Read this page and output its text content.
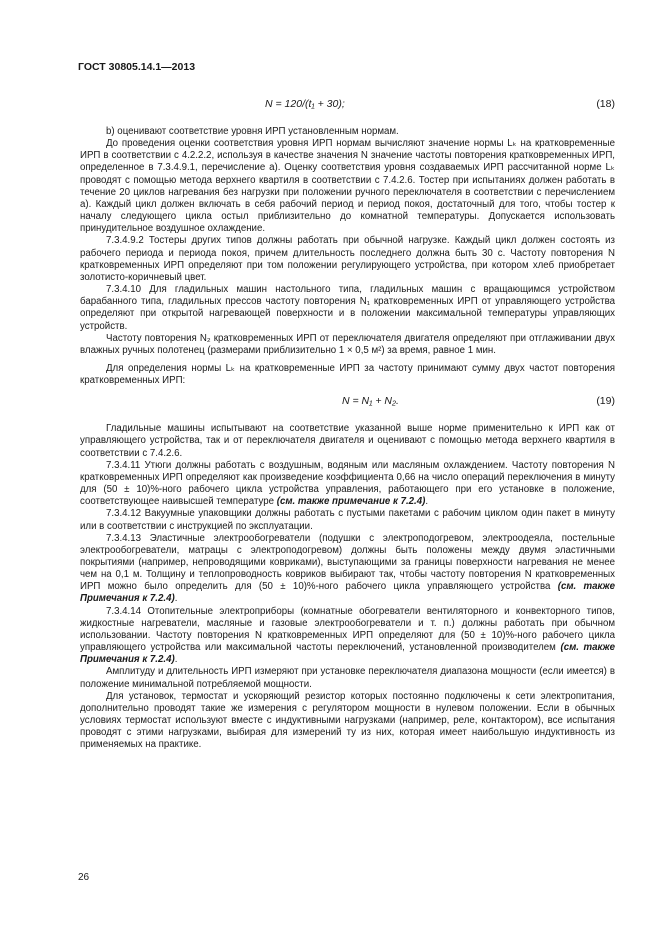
ГОСТ 30805.14.1—2013
N = 120/(t₁ + 30);	(18)

b) оценивают соответствие уровня ИРП установленным нормам.

До проведения оценки соответствия уровня ИРП нормам вычисляют значение нормы Lₖ на кратковременные ИРП в соответствии с 4.2.2.2, используя в качестве значения N значение частоты повторения кратковременных ИРП, определенное в 7.3.4.9.1, перечисление а). Оценку соответствия уровня создаваемых ИРП рассчитанной норме Lₖ проводят с помощью метода верхнего квартиля в соответствии с 7.4.2.6. Тостер при испытаниях должен работать в течение 20 циклов нагревания без нагрузки при положении ручного переключателя в соответствии с перечислением а). Каждый цикл должен включать в себя рабочий период и период покоя, достаточный для того, чтобы тостер к началу следующего цикла остыл приблизительно до комнатной температуры. Допускается использовать принудительное воздушное охлаждение.

7.3.4.9.2 Тостеры других типов должны работать при обычной нагрузке. Каждый цикл должен состоять из рабочего периода и периода покоя, причем длительность последнего должна быть 30 с. Частоту повторения N кратковременных ИРП определяют при том положении регулирующего устройства, при котором хлеб приобретает золотисто-коричневый цвет.

7.3.4.10 Для гладильных машин настольного типа, гладильных машин с вращающимся устройством барабанного типа, гладильных прессов частоту повторения N₁ кратковременных ИРП от управляющего устройства определяют при открытой нагревающей поверхности и в положении максимальной температуры управляющих устройств.

Частоту повторения N₂ кратковременных ИРП от переключателя двигателя определяют при отглаживании двух влажных ручных полотенец (размерами приблизительно 1 × 0,5 м²) за время, равное 1 мин.

Для определения нормы Lₖ на кратковременные ИРП за частоту принимают сумму двух частот повторения кратковременных ИРП:

N = N₁ + N₂.	(19)

Гладильные машины испытывают на соответствие указанной выше норме применительно к ИРП как от управляющего устройства, так и от переключателя двигателя и оценивают с помощью метода верхнего квартиля в соответствии с 7.4.2.6.

7.3.4.11 Утюги должны работать с воздушным, водяным или масляным охлаждением. Частоту повторения N кратковременных ИРП определяют как произведение коэффициента 0,66 на число операций переключения в минуту для (50 ± 10)%-ного рабочего цикла устройства управления, работающего при его установке в положение, соответствующее наивысшей температуре (см. также примечание к 7.2.4).

7.3.4.12 Вакуумные упаковщики должны работать с пустыми пакетами с рабочим циклом один пакет в минуту или в соответствии с инструкцией по эксплуатации.

7.3.4.13 Эластичные электрообогреватели (подушки с электроподогревом, электроодеяла, постельные электрообогреватели, матрацы с электроподогревом) должны быть положены между двумя эластичными покрытиями (например, непроводящими ковриками), выступающими за границы поверхности нагревания не менее чем на 0,1 м. Толщину и теплопроводность ковриков выбирают так, чтобы частоту повторения N кратковременных ИРП можно было определить для (50 ± 10)%-ного рабочего цикла управляющего устройства (см. также Примечания к 7.2.4).

7.3.4.14 Отопительные электроприборы (комнатные обогреватели вентиляторного и конвекторного типов, жидкостные нагреватели, масляные и газовые электрообогреватели и т. п.) должны работать при обычном использовании. Частоту повторения N кратковременных ИРП определяют для (50 ± 10)%-ного рабочего цикла управляющего устройства или максимальной частоты переключений, установленной производителем (см. также Примечания к 7.2.4).

Амплитуду и длительность ИРП измеряют при установке переключателя диапазона мощности (если имеется) в положение минимальной потребляемой мощности.

Для установок, термостат и ускоряющий резистор которых постоянно подключены к сети электропитания, дополнительно проводят такие же измерения с регулятором мощности в нулевом положении. Если в обычных условиях термостат используют вместе с индуктивными нагрузками (например, реле, контактором), все испытания проводят с этими нагрузками, выбирая для измерений ту из них, которая имеет наибольшую индуктивность из применяемых на практике.

26
